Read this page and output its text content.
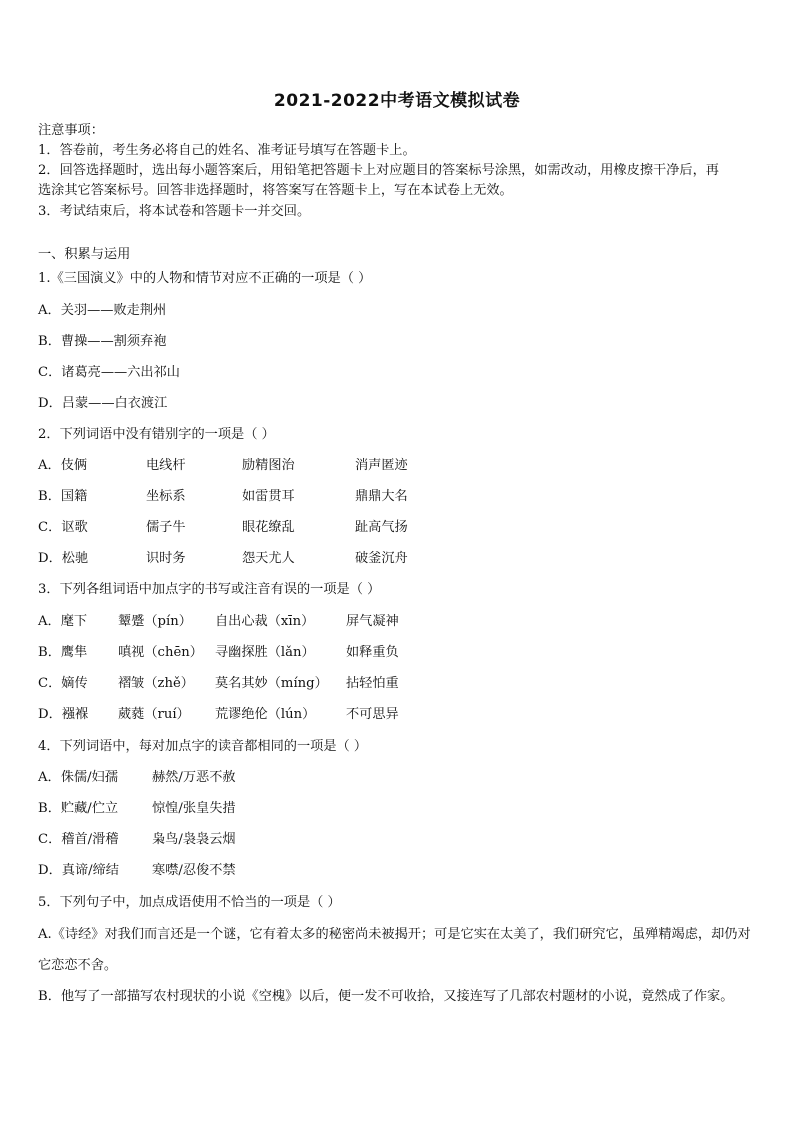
2021-2022中考语文模拟试卷
注意事项：
1．答卷前，考生务必将自己的姓名、准考证号填写在答题卡上。
2．回答选择题时，选出每小题答案后，用铅笔把答题卡上对应题目的答案标号涂黑，如需改动，用橡皮擦干净后，再
选涂其它答案标号。回答非选择题时，将答案写在答题卡上，写在本试卷上无效。
3．考试结束后，将本试卷和答题卡一并交回。
一、积累与运用
1.《三国演义》中的人物和情节对应不正确的一项是（ ）
A．关羽——败走荆州
B．曹操——割须弃袍
C．诸葛亮——六出祁山
D．吕蒙——白衣渡江
2．下列词语中没有错别字的一项是（ ）
A．伎俩	电线杆	励精图治	消声匿迹
B．国籍	坐标系	如雷贯耳	鼎鼎大名
C．讴歌	儒子牛	眼花缭乱	趾高气扬
D．松驰	识时务	怨天尤人	破釜沉舟
3．下列各组词语中加点字的书写或注音有误的一项是（ ）
A．麾下 颦蹙（pín） 自出心裁（xīn） 屏气凝神
B．鹰隼 嗔视（chēn） 寻幽探胜（lǎn） 如释重负
C．嫡传 褶皱（zhě） 莫名其妙（míng） 拈轻怕重
D．襁褓 葳蕤（ruí） 荒谬绝伦（lún） 不可思异
4．下列词语中，每对加点字的读音都相同的一项是（ ）
A．侏儒/妇孺	赫然/万恶不赦
B．贮藏/伫立	惊惶/张皇失措
C．稽首/滑稽	枭鸟/袅袅云烟
D．真谛/缔结	寒噤/忍俊不禁
5．下列句子中，加点成语使用不恰当的一项是（ ）
A.《诗经》对我们而言还是一个谜，它有着太多的秘密尚未被揭开；可是它实在太美了，我们研究它，虽殚精竭虑，却仍对它恋恋不舍。
B．他写了一部描写农村现状的小说《空槐》以后，便一发不可收拾，又接连写了几部农村题材的小说，竟然成了作家。
